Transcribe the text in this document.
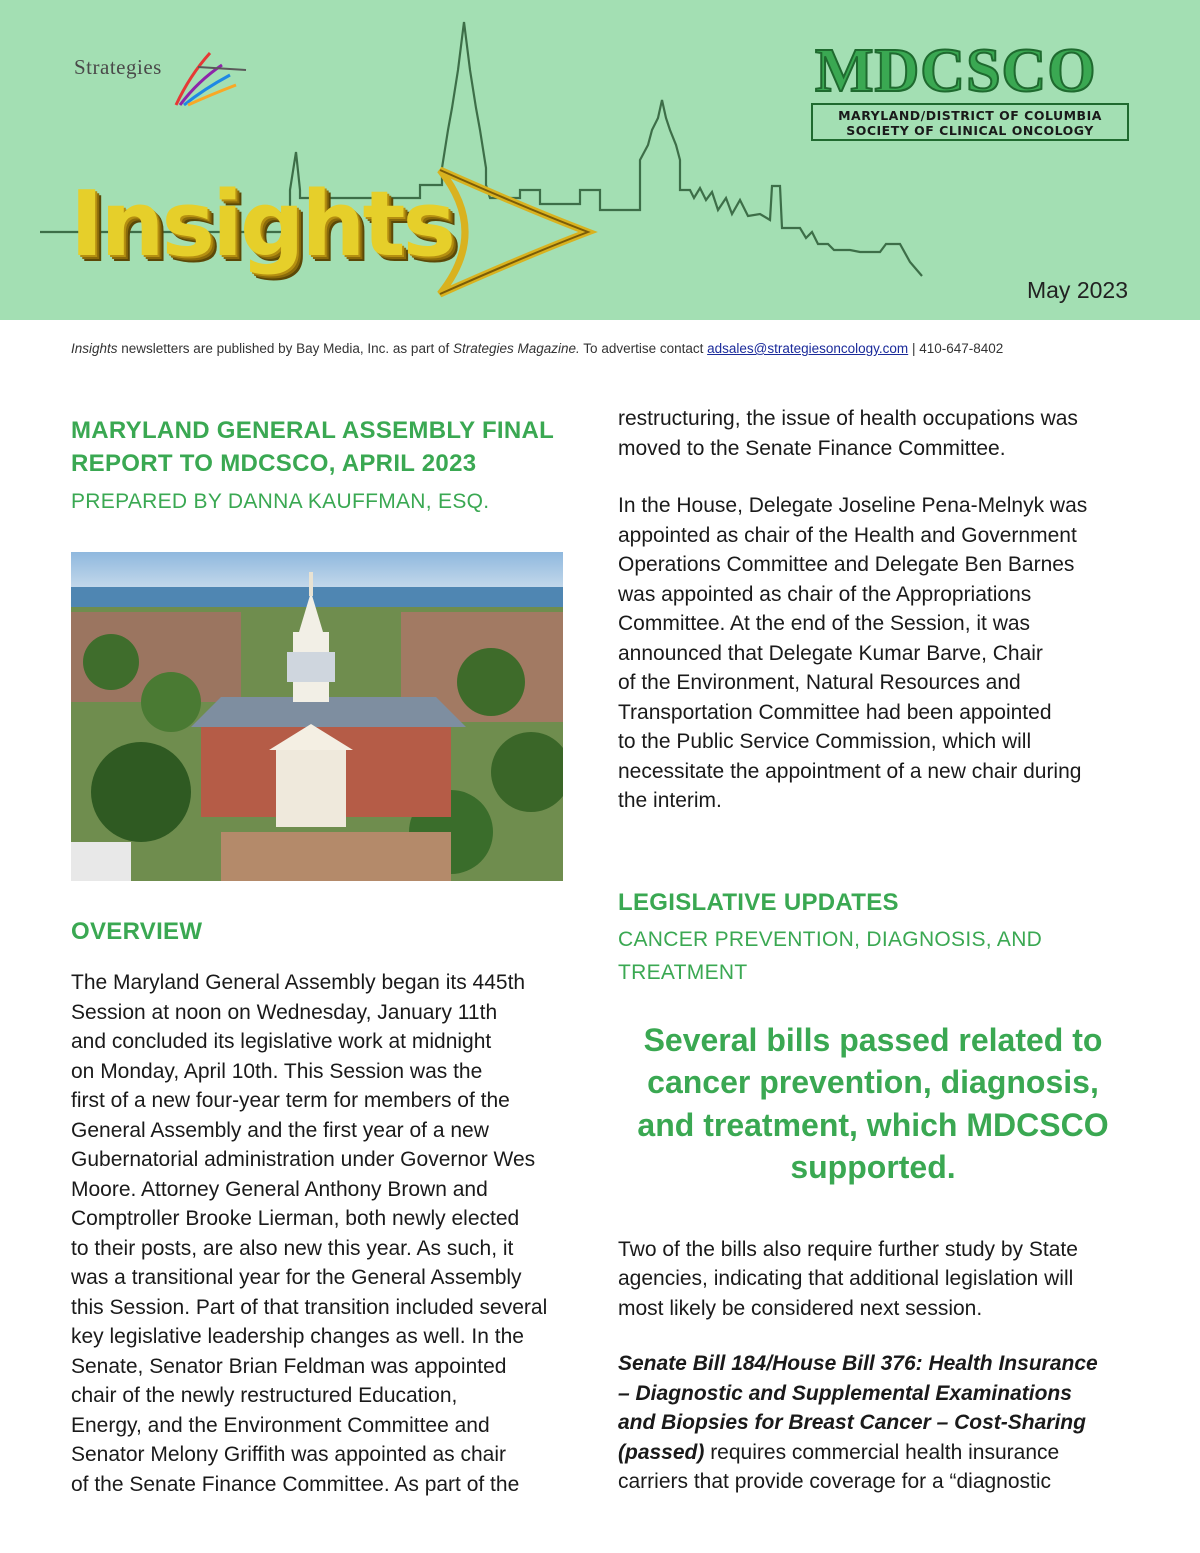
Strategies
Insights
MDCSCO
MARYLAND/DISTRICT OF COLUMBIA
SOCIETY OF CLINICAL ONCOLOGY
May 2023
Insights newsletters are published by Bay Media, Inc. as part of Strategies Magazine. To advertise contact adsales@strategiesoncology.com | 410-647-8402
MARYLAND GENERAL ASSEMBLY FINAL
REPORT TO MDCSCO, APRIL 2023

PREPARED BY DANNA KAUFFMAN, ESQ.

OVERVIEW
The Maryland General Assembly began its 445th
Session at noon on Wednesday, January 11th
and concluded its legislative work at midnight
on Monday, April 10th. This Session was the
first of a new four-year term for members of the
General Assembly and the first year of a new
Gubernatorial administration under Governor Wes
Moore. Attorney General Anthony Brown and
Comptroller Brooke Lierman, both newly elected
to their posts, are also new this year. As such, it
was a transitional year for the General Assembly
this Session. Part of that transition included several
key legislative leadership changes as well. In the
Senate, Senator Brian Feldman was appointed
chair of the newly restructured Education,
Energy, and the Environment Committee and
Senator Melony Griffith was appointed as chair
of the Senate Finance Committee. As part of the
restructuring, the issue of health occupations was
moved to the Senate Finance Committee.
In the House, Delegate Joseline Pena-Melnyk was
appointed as chair of the Health and Government
Operations Committee and Delegate Ben Barnes
was appointed as chair of the Appropriations
Committee. At the end of the Session, it was
announced that Delegate Kumar Barve, Chair
of the Environment, Natural Resources and
Transportation Committee had been appointed
to the Public Service Commission, which will
necessitate the appointment of a new chair during
the interim.
LEGISLATIVE UPDATES
CANCER PREVENTION, DIAGNOSIS, AND
TREATMENT
Several bills passed related to
cancer prevention, diagnosis,
and treatment, which MDCSCO
supported.
Two of the bills also require further study by State
agencies, indicating that additional legislation will
most likely be considered next session.
Senate Bill 184/House Bill 376: Health Insurance
– Diagnostic and Supplemental Examinations
and Biopsies for Breast Cancer – Cost-Sharing
(passed) requires commercial health insurance
carriers that provide coverage for a “diagnostic
